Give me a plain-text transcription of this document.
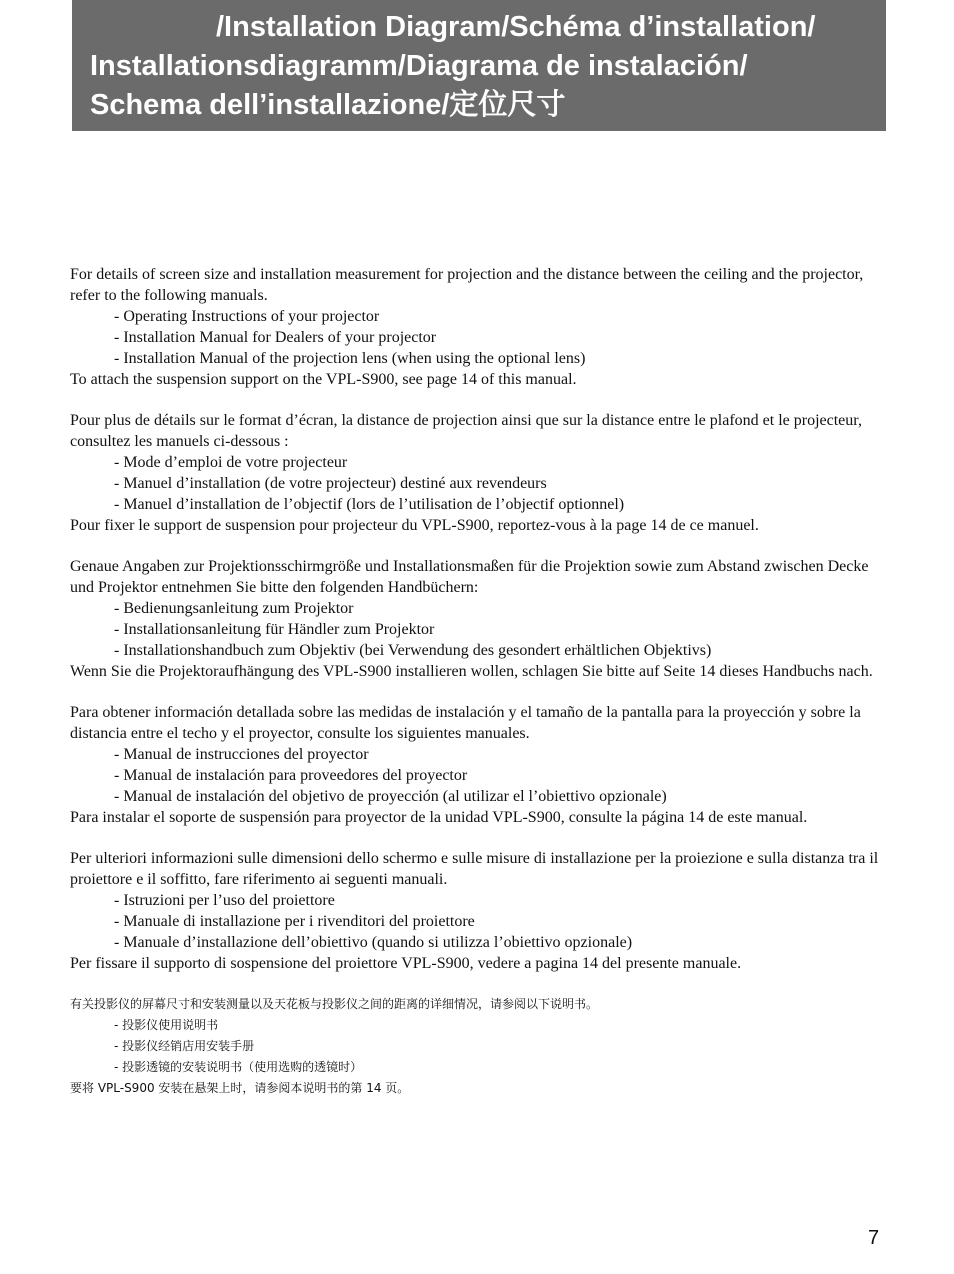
/Installation Diagram/Schéma d’installation/
Installationsdiagramm/Diagrama de instalación/
Schema dell’installazione/定位尺寸

For details of screen size and installation measurement for projection and the distance between the ceiling and the projector, refer to the following manuals.

- Operating Instructions of your projector
- Installation Manual for Dealers of your projector
- Installation Manual of the projection lens (when using the optional lens)

To attach the suspension support on the VPL-S900, see page 14 of this manual.

Pour plus de détails sur le format d’écran, la distance de projection ainsi que sur la distance entre le plafond et le projecteur, consultez les manuels ci-dessous :

- Mode d’emploi de votre projecteur
- Manuel d’installation (de votre projecteur) destiné aux revendeurs
- Manuel d’installation de l’objectif (lors de l’utilisation de l’objectif optionnel)

Pour fixer le support de suspension pour projecteur du VPL-S900, reportez-vous à la page 14 de ce manuel.

Genaue Angaben zur Projektionsschirmgröße und Installationsmaßen für die Projektion sowie zum Abstand zwischen Decke und Projektor entnehmen Sie bitte den folgenden Handbüchern:

- Bedienungsanleitung zum Projektor
- Installationsanleitung für Händler zum Projektor
- Installationshandbuch zum Objektiv (bei Verwendung des gesondert erhältlichen Objektivs)

Wenn Sie die Projektoraufhängung des VPL-S900 installieren wollen, schlagen Sie bitte auf Seite 14 dieses Handbuchs nach.

Para obtener información detallada sobre las medidas de instalación y el tamaño de la pantalla para la proyección y sobre la distancia entre el techo y el proyector, consulte los siguientes manuales.

- Manual de instrucciones del proyector
- Manual de instalación para proveedores del proyector
- Manual de instalación del objetivo de proyección (al utilizar el l’obiettivo opzionale)

Para instalar el soporte de suspensión para proyector de la unidad VPL-S900, consulte la página 14 de este manual.

Per ulteriori informazioni sulle dimensioni dello schermo e sulle misure di installazione per la proiezione e sulla distanza tra il proiettore e il soffitto, fare riferimento ai seguenti manuali.

- Istruzioni per l’uso del proiettore
- Manuale di installazione per i rivenditori del proiettore
- Manuale d’installazione dell’obiettivo (quando si utilizza l’obiettivo opzionale)

Per fissare il supporto di sospensione del proiettore VPL-S900, vedere a pagina 14 del presente manuale.

有关投影仪的屏幕尺寸和安装测量以及天花板与投影仪之间的距离的详细情况，请参阅以下说明书。

- 投影仪使用说明书
- 投影仪经销店用安装手册
- 投影透镜的安装说明书（使用选购的透镜时）

要将 VPL-S900 安装在悬架上时，请参阅本说明书的第 14 页。

7
